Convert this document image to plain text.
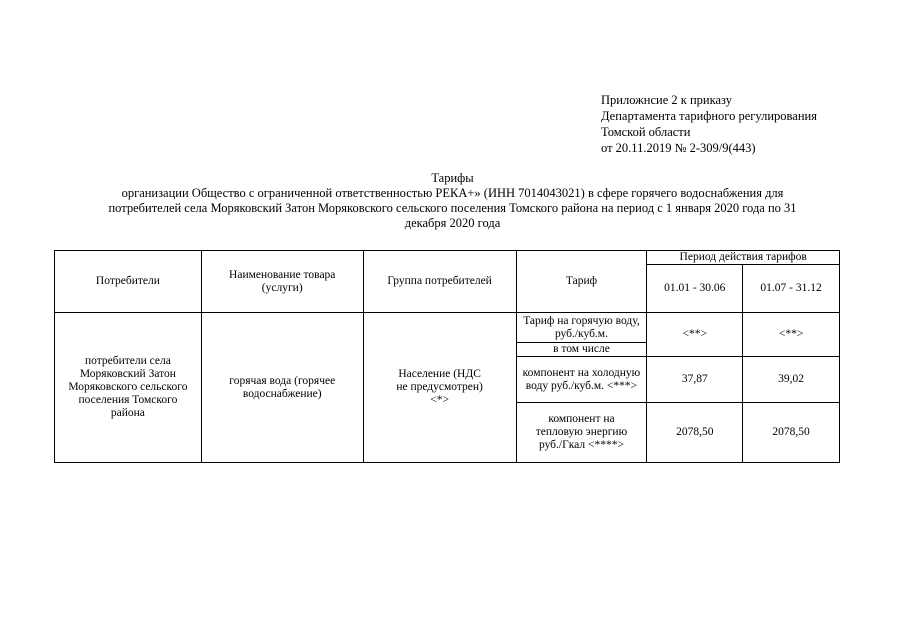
Приложнсие 2 к приказу
Департамента тарифного регулирования
Томской области
от 20.11.2019 № 2-309/9(443)
Тарифы
организации Общество с ограниченной ответственностью РЕКА+» (ИНН 7014043021) в сфере горячего водоснабжения для
потребителей села Моряковский Затон Моряковского сельского поселения Томского района на период с 1 января 2020 года по 31
декабря 2020 года
Потребители	Наименование товара (услуги)	Группа потребителей	Тариф	Период действия тарифов	
				01.01 - 30.06	01.07 - 31.12
потребители села Моряковский Затон Моряковского сельского поселения Томского района	горячая вода (горячее водоснабжение)	Население (НДС не предусмотрен)<*>	Тариф на горячую воду, руб./куб.м.	<**>	<**>
			в том числе		
			компонент на холодную воду руб./куб.м. <***>	37,87	39,02
			компонент на тепловую энергию руб./Гкал <****>	2078,50	2078,50
